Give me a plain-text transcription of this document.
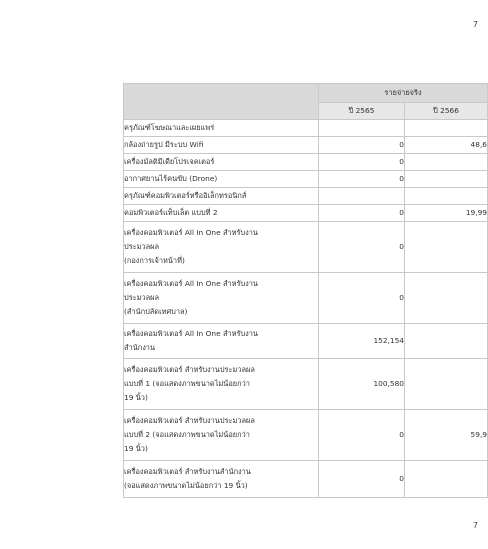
7
	รายจ่ายจริง	
	ปี 2565	ปี 2566
ครุภัณฑ์โฆษณาและเผยแพร่		

กล้องถ่ายรูป มีระบบ Wifi	0	48,6

เครื่องมัลติมีเดียโปรเจคเตอร์	0	

อากาศยานไร้คนขับ (Drone)	0	
ครุภัณฑ์คอมพิวเตอร์หรืออิเล็กทรอนิกส์		

คอมพิวเตอร์แท็บเล็ต แบบที่ 2	0	19,99

เครื่องคอมพิวเตอร์ All In One สำหรับงาน
ประมวลผล
(กองการเจ้าหน้าที่)	0	

เครื่องคอมพิวเตอร์ All In One สำหรับงาน
ประมวลผล
(สำนักปลัดเทศบาล)	0	

เครื่องคอมพิวเตอร์ All In One สำหรับงาน
สำนักงาน	152,154	

เครื่องคอมพิวเตอร์ สำหรับงานประมวลผล
แบบที่ 1 (จอแสดงภาพขนาดไม่น้อยกว่า
19 นิ้ว)	100,580	

เครื่องคอมพิวเตอร์ สำหรับงานประมวลผล
แบบที่ 2 (จอแสดงภาพขนาดไม่น้อยกว่า
19 นิ้ว)	0	59,9

เครื่องคอมพิวเตอร์ สำหรับงานสำนักงาน
(จอแสดงภาพขนาดไม่น้อยกว่า 19 นิ้ว)	0	
7
